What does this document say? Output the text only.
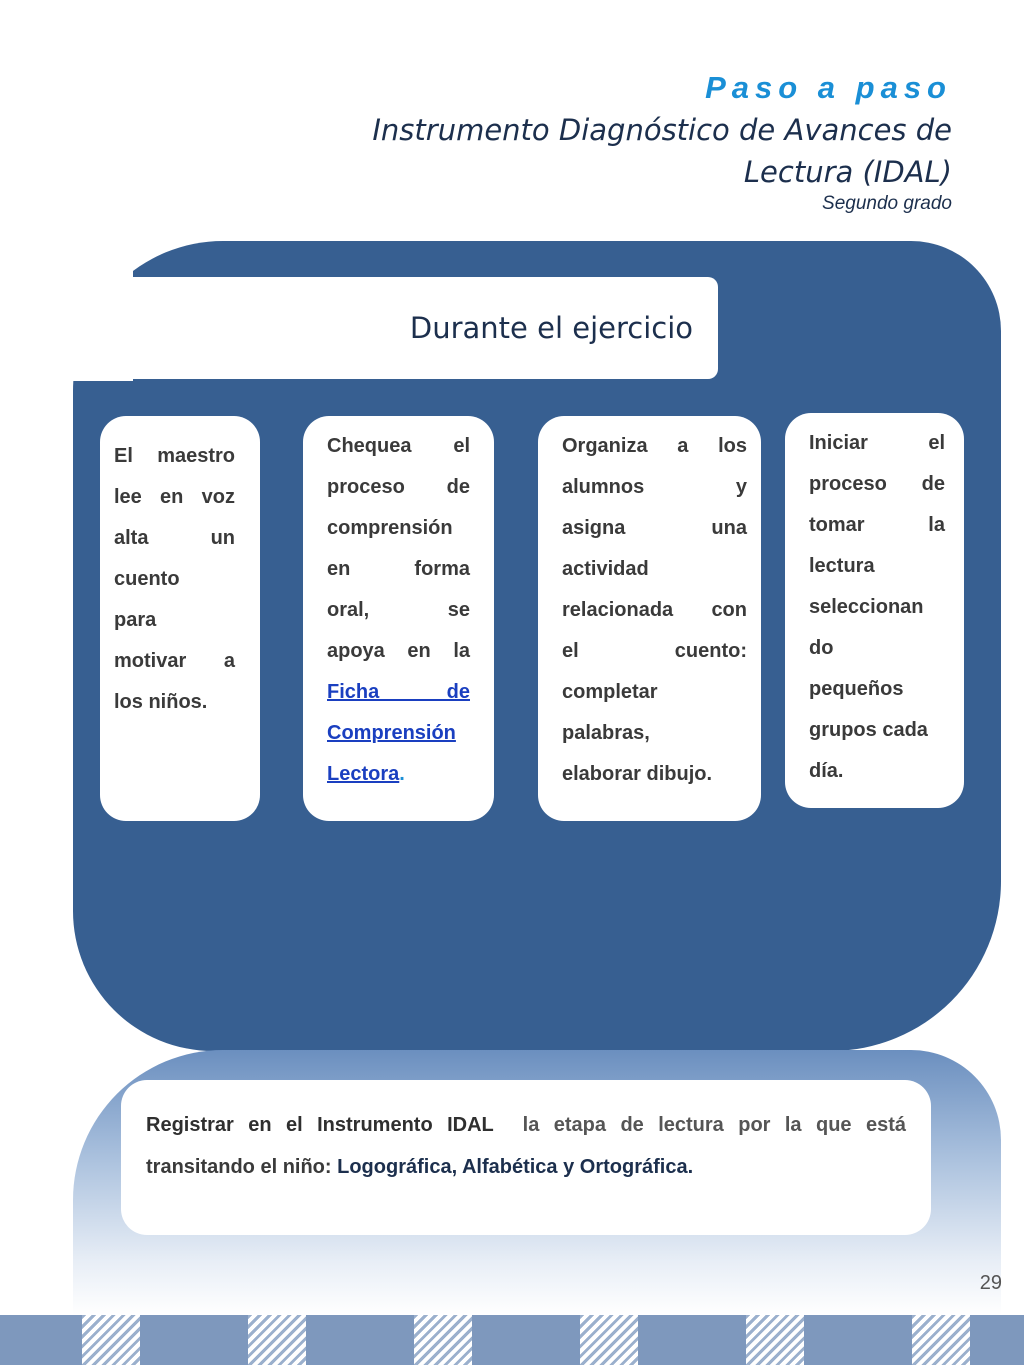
Paso a paso
Instrumento Diagnóstico de Avances de
Lectura (IDAL)
Segundo grado
Durante el ejercicio
El maestro
lee en voz
alta un
cuento
para
motivar a
los niños.
Chequea el
proceso de
comprensión
en forma
oral, se
apoya en la
Ficha de
Comprensión
Lectora.
Organiza a los
alumnos y
asigna una
actividad
relacionada con
el cuento:
completar
palabras,
elaborar dibujo.
Iniciar el
proceso de
tomar la
lectura
seleccionan
do
pequeños
grupos cada
día.
Registrar en el Instrumento IDAL la etapa de lectura por la que está
transitando el niño: Logográfica, Alfabética y Ortográfica.
29
